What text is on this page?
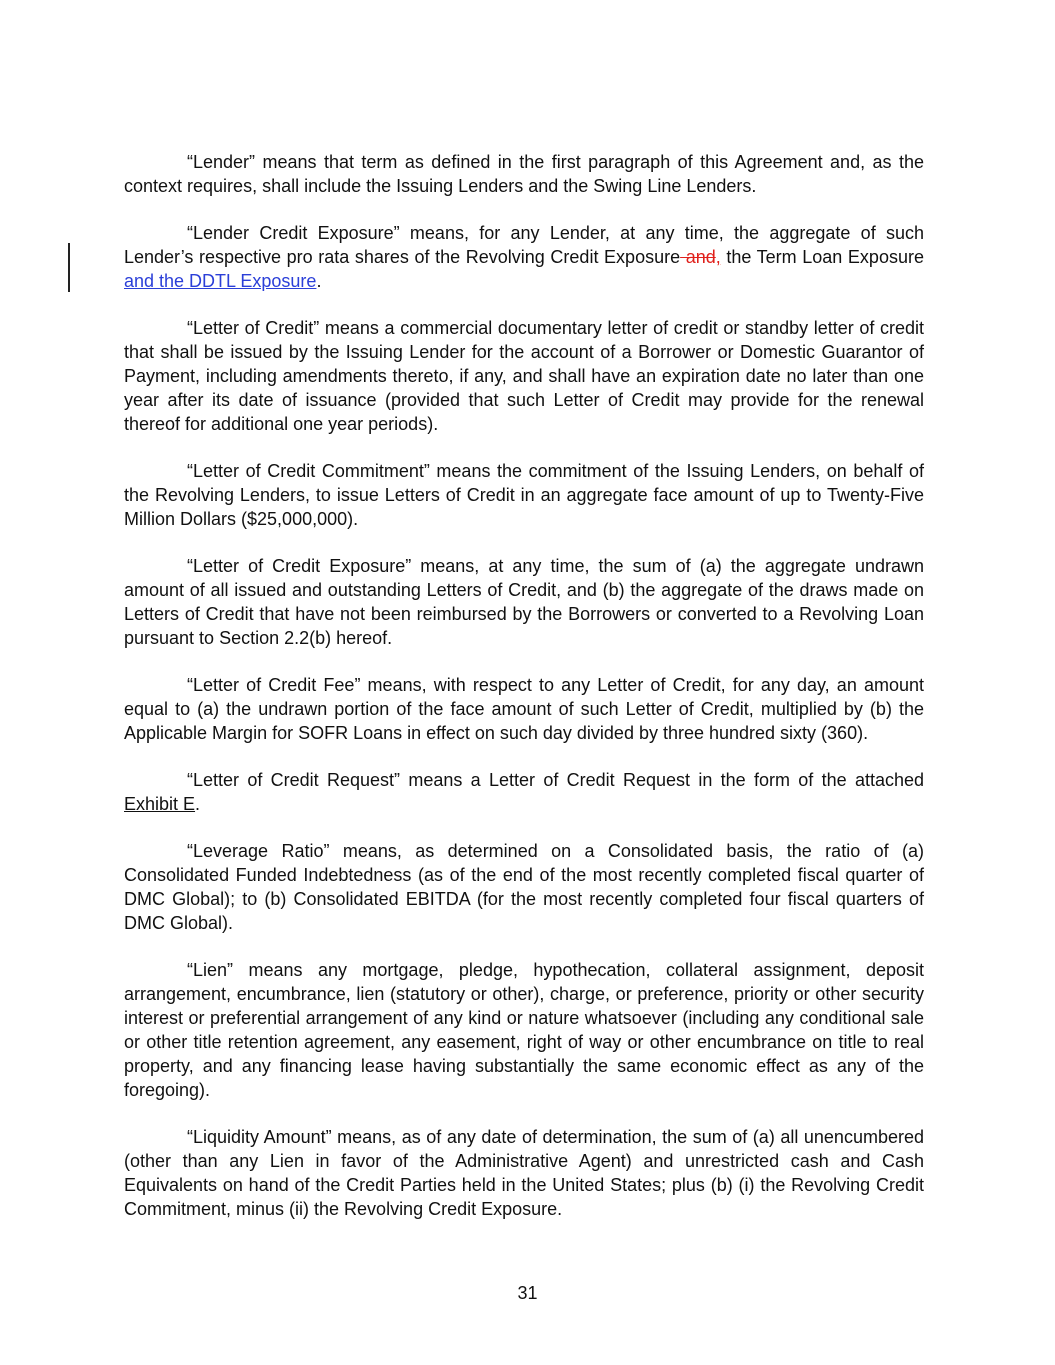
“Lender” means that term as defined in the first paragraph of this Agreement and, as the context requires, shall include the Issuing Lenders and the Swing Line Lenders.

“Lender Credit Exposure” means, for any Lender, at any time, the aggregate of such Lender’s respective pro rata shares of the Revolving Credit Exposure and, the Term Loan Exposure and the DDTL Exposure.

“Letter of Credit” means a commercial documentary letter of credit or standby letter of credit that shall be issued by the Issuing Lender for the account of a Borrower or Domestic Guarantor of Payment, including amendments thereto, if any, and shall have an expiration date no later than one year after its date of issuance (provided that such Letter of Credit may provide for the renewal thereof for additional one year periods).

“Letter of Credit Commitment” means the commitment of the Issuing Lenders, on behalf of the Revolving Lenders, to issue Letters of Credit in an aggregate face amount of up to Twenty-Five Million Dollars ($25,000,000).

“Letter of Credit Exposure” means, at any time, the sum of (a) the aggregate undrawn amount of all issued and outstanding Letters of Credit, and (b) the aggregate of the draws made on Letters of Credit that have not been reimbursed by the Borrowers or converted to a Revolving Loan pursuant to Section 2.2(b) hereof.

“Letter of Credit Fee” means, with respect to any Letter of Credit, for any day, an amount equal to (a) the undrawn portion of the face amount of such Letter of Credit, multiplied by (b) the Applicable Margin for SOFR Loans in effect on such day divided by three hundred sixty (360).

“Letter of Credit Request” means a Letter of Credit Request in the form of the attached Exhibit E.

“Leverage Ratio” means, as determined on a Consolidated basis, the ratio of (a) Consolidated Funded Indebtedness (as of the end of the most recently completed fiscal quarter of DMC Global); to (b) Consolidated EBITDA (for the most recently completed four fiscal quarters of DMC Global).

“Lien” means any mortgage, pledge, hypothecation, collateral assignment, deposit arrangement, encumbrance, lien (statutory or other), charge, or preference, priority or other security interest or preferential arrangement of any kind or nature whatsoever (including any conditional sale or other title retention agreement, any easement, right of way or other encumbrance on title to real property, and any financing lease having substantially the same economic effect as any of the foregoing).

“Liquidity Amount” means, as of any date of determination, the sum of (a) all unencumbered (other than any Lien in favor of the Administrative Agent) and unrestricted cash and Cash Equivalents on hand of the Credit Parties held in the United States; plus (b) (i) the Revolving Credit Commitment, minus (ii) the Revolving Credit Exposure.

31
